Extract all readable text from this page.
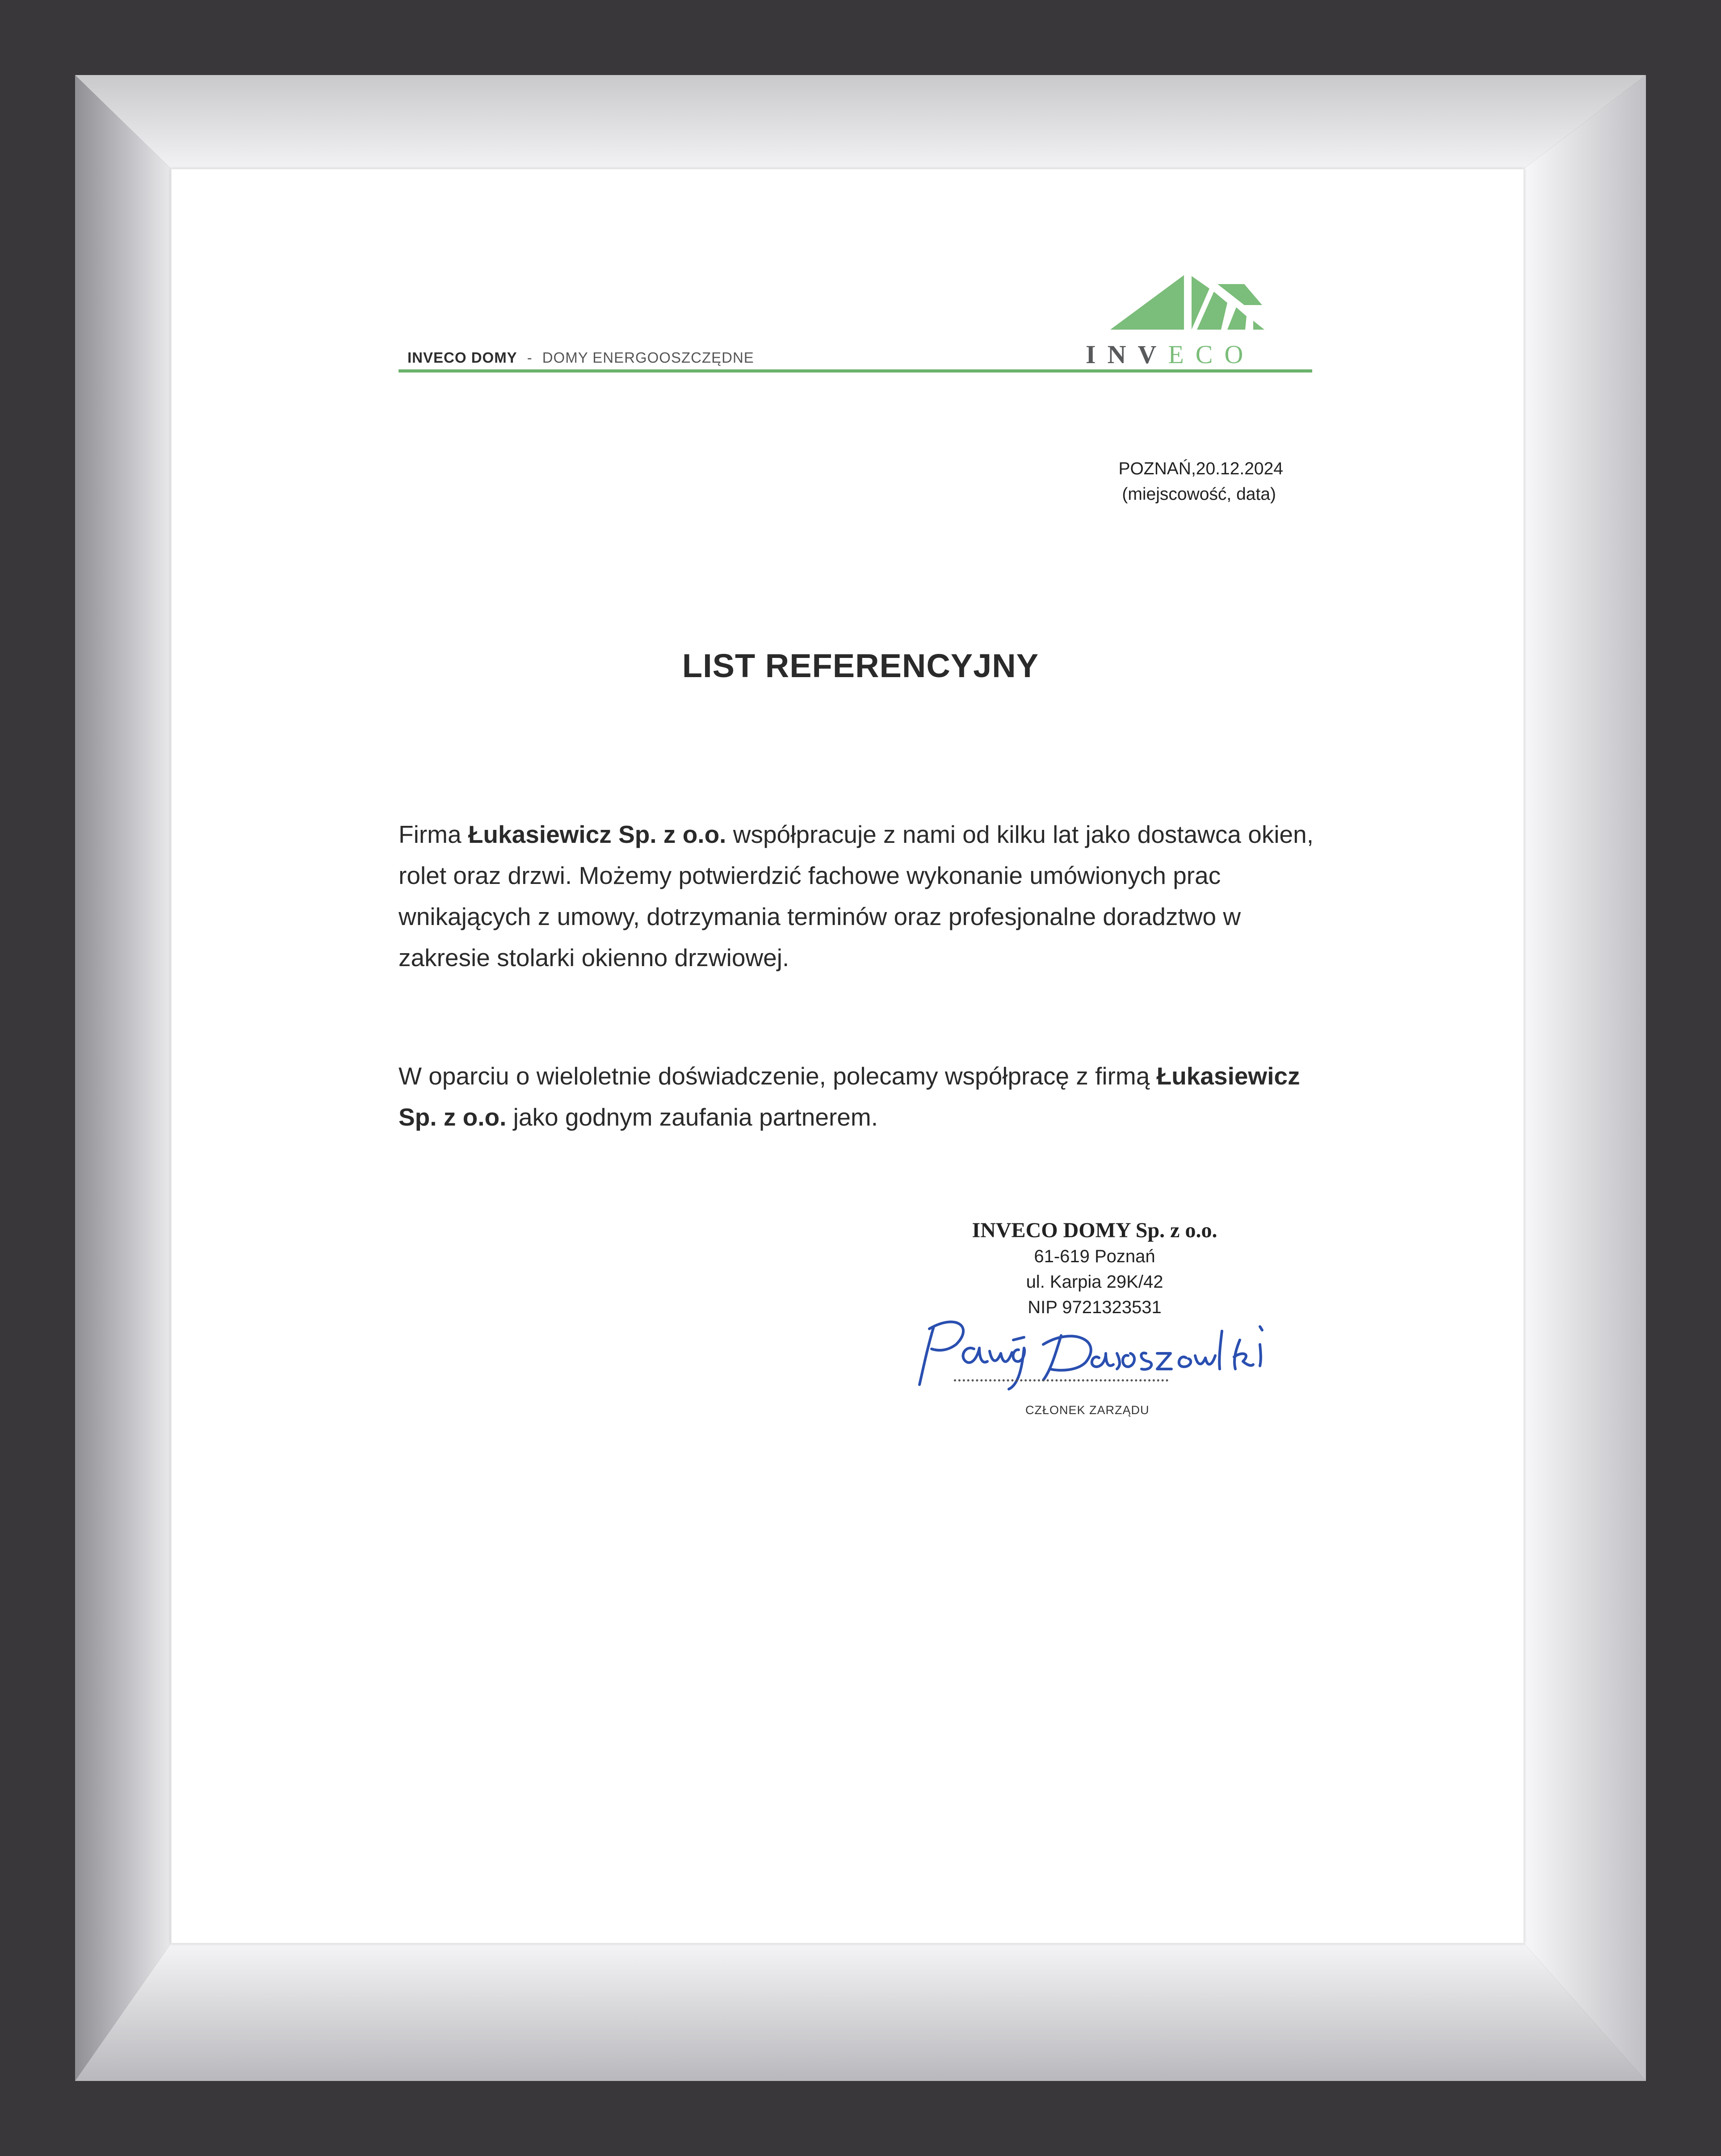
INVECO DOMY - DOMY ENERGOOSZCZĘDNE	INVECO

POZNAŃ,20.12.2024

(miejscowość, data)

LIST REFERENCYJNY

Firma Łukasiewicz Sp. z o.o. współpracuje z nami od kilku lat jako dostawca okien, rolet oraz drzwi. Możemy potwierdzić fachowe wykonanie umówionych prac wnikających z umowy, dotrzymania terminów oraz profesjonalne doradztwo w zakresie stolarki okienno drzwiowej.

W oparciu o wieloletnie doświadczenie, polecamy współpracę z firmą Łukasiewicz Sp. z o.o. jako godnym zaufania partnerem.

INVECO DOMY Sp. z o.o.
61-619 Poznań
ul. Karpia 29K/42
NIP 9721323531

CZŁONEK ZARZĄDU
